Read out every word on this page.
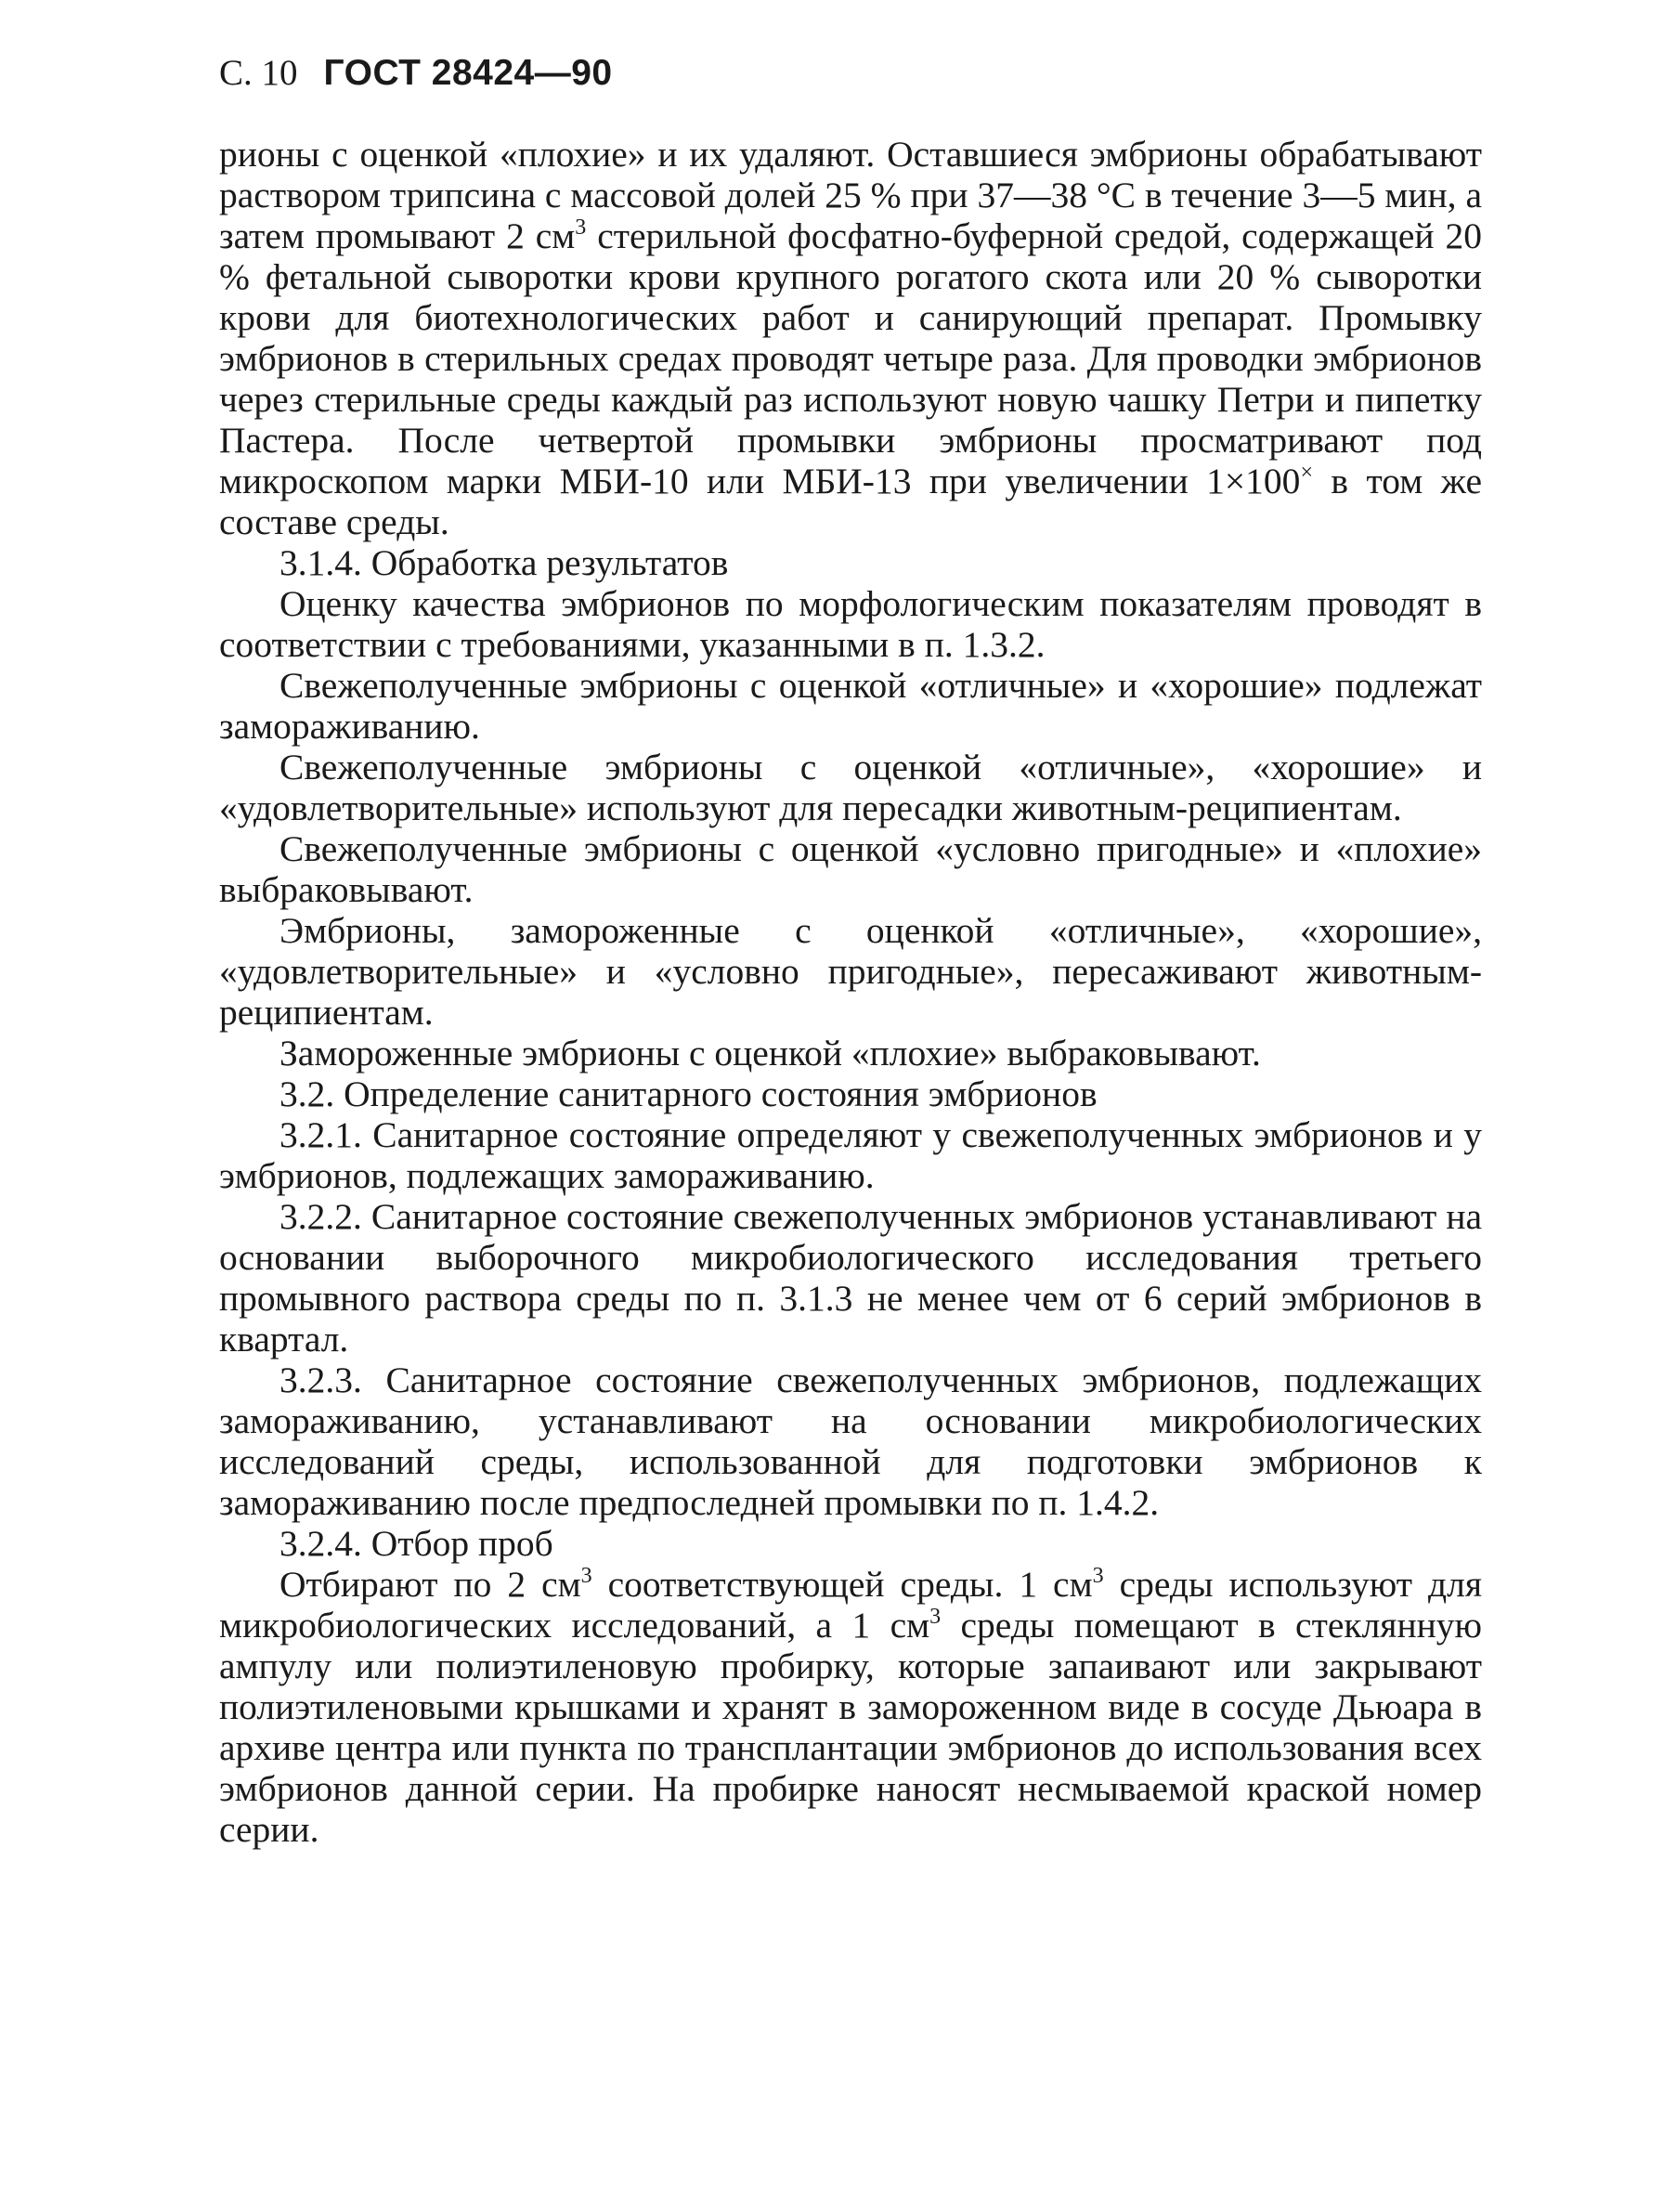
С. 10 ГОСТ 28424—90

рионы с оценкой «плохие» и их удаляют. Оставшиеся эмбрионы обрабатывают раствором трипсина с массовой долей 25 % при 37—38 °С в течение 3—5 мин, а затем промывают 2 $см^3$ стерильной фосфатно-буферной средой, содержащей 20 % фетальной сыворотки крови крупного рогатого скота или 20 % сыворотки крови для биотехнологических работ и санирующий препарат. Промывку эмбрионов в стерильных средах проводят четыре раза. Для проводки эмбрионов через стерильные среды каждый раз используют новую чашку Петри и пипетку Пастера. После четвертой промывки эмбрионы просматривают под микроскопом марки МБИ-10 или МБИ-13 при увеличении 1×100× в том же составе среды.

3.1.4. Обработка результатов

Оценку качества эмбрионов по морфологическим показателям проводят в соответствии с требованиями, указанными в п. 1.3.2.

Свежеполученные эмбрионы с оценкой «отличные» и «хорошие» подлежат замораживанию.

Свежеполученные эмбрионы с оценкой «отличные», «хорошие» и «удовлетворительные» используют для пересадки животным-реципиентам.

Свежеполученные эмбрионы с оценкой «условно пригодные» и «плохие» выбраковывают.

Эмбрионы, замороженные с оценкой «отличные», «хорошие», «удовлетворительные» и «условно пригодные», пересаживают животным-реципиентам.

Замороженные эмбрионы с оценкой «плохие» выбраковывают.

3.2. Определение санитарного состояния эмбрионов

3.2.1. Санитарное состояние определяют у свежеполученных эмбрионов и у эмбрионов, подлежащих замораживанию.

3.2.2. Санитарное состояние свежеполученных эмбрионов устанавливают на основании выборочного микробиологического исследования третьего промывного раствора среды по п. 3.1.3 не менее чем от 6 серий эмбрионов в квартал.

3.2.3. Санитарное состояние свежеполученных эмбрионов, подлежащих замораживанию, устанавливают на основании микробиологических исследований среды, использованной для подготовки эмбрионов к замораживанию после предпоследней промывки по п. 1.4.2.

3.2.4. Отбор проб

Отбирают по 2 $см^3$ соответствующей среды. 1 $см^3$ среды используют для микробиологических исследований, а 1 $см^3$ среды помещают в стеклянную ампулу или полиэтиленовую пробирку, которые запаивают или закрывают полиэтиленовыми крышками и хранят в замороженном виде в сосуде Дьюара в архиве центра или пункта по трансплантации эмбрионов до использования всех эмбрионов данной серии. На пробирке наносят несмываемой краской номер серии.
